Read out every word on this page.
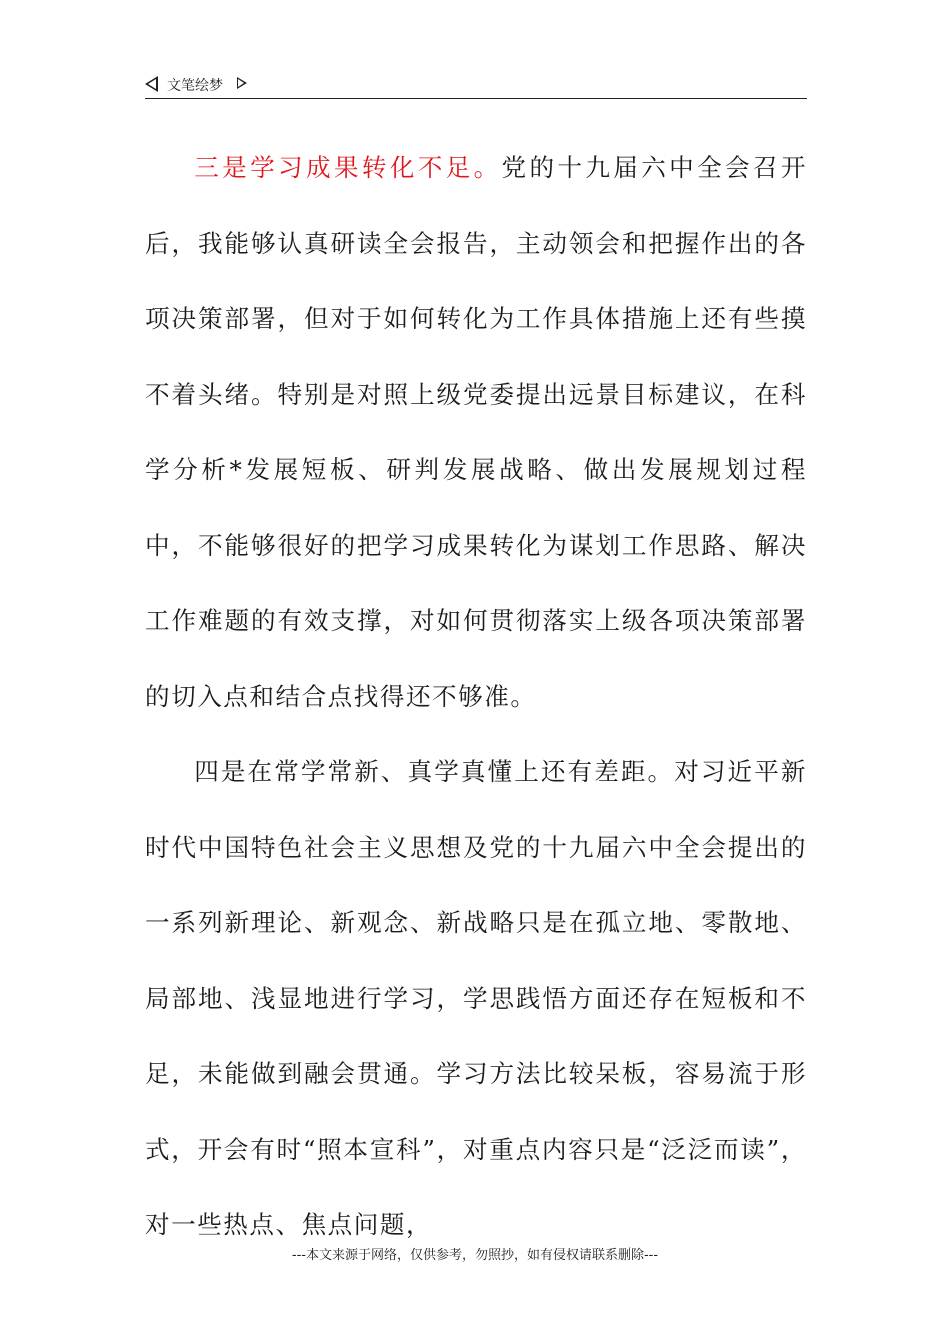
文笔绘梦

三是学习成果转化不足。党的十九届六中全会召开后，我能够认真研读全会报告，主动领会和把握作出的各项决策部署，但对于如何转化为工作具体措施上还有些摸不着头绪。特别是对照上级党委提出远景目标建议，在科学分析*发展短板、研判发展战略、做出发展规划过程中，不能够很好的把学习成果转化为谋划工作思路、解决工作难题的有效支撑，对如何贯彻落实上级各项决策部署的切入点和结合点找得还不够准。

四是在常学常新、真学真懂上还有差距。对习近平新时代中国特色社会主义思想及党的十九届六中全会提出的一系列新理论、新观念、新战略只是在孤立地、零散地、局部地、浅显地进行学习，学思践悟方面还存在短板和不足，未能做到融会贯通。学习方法比较呆板，容易流于形式，开会有时“照本宣科”，对重点内容只是“泛泛而读”，对一些热点、焦点问题，

---本文来源于网络，仅供参考，勿照抄，如有侵权请联系删除---
